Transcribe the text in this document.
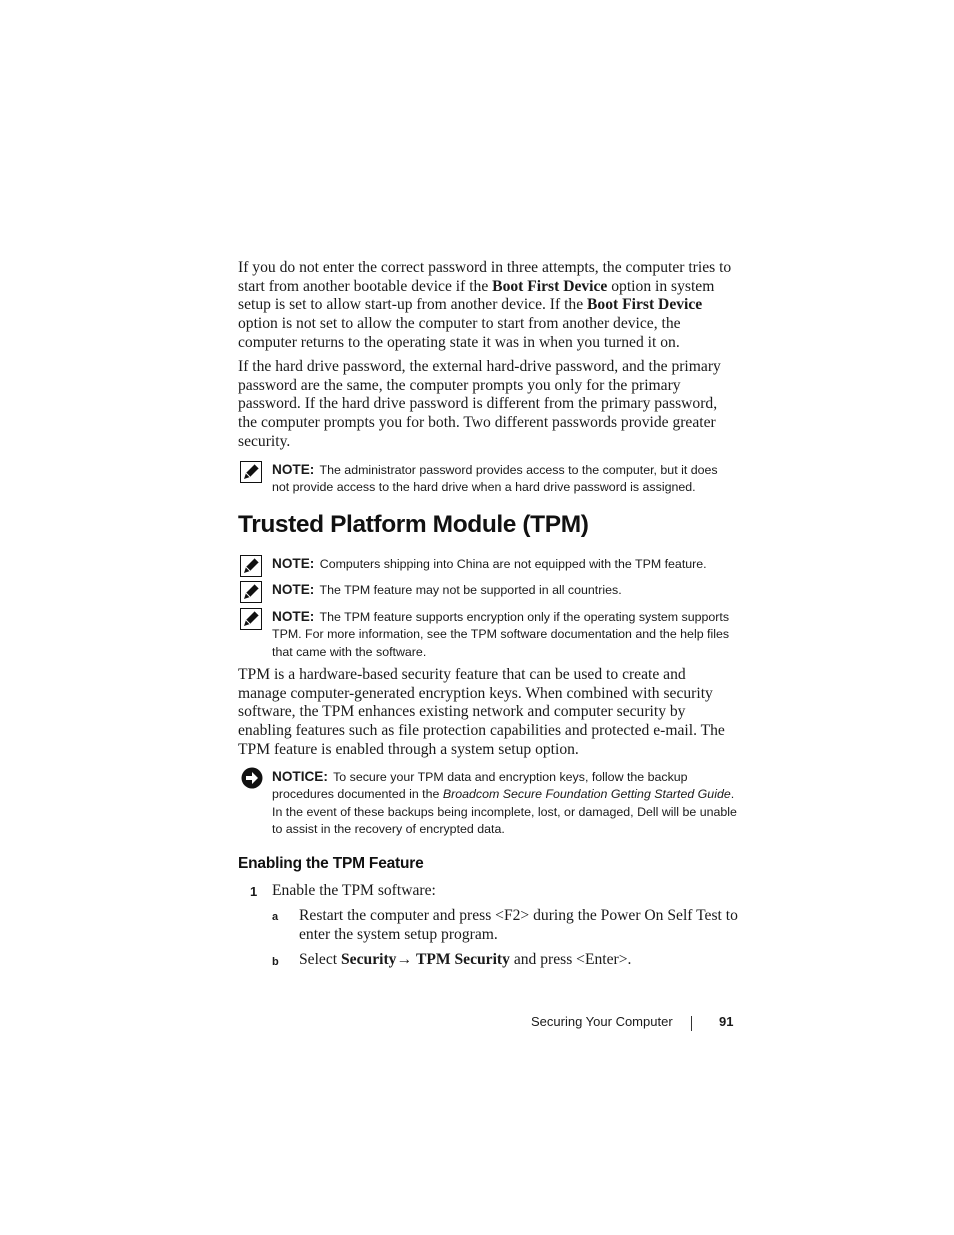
If you do not enter the correct password in three attempts, the computer tries to start from another bootable device if the Boot First Device option in system setup is set to allow start-up from another device. If the Boot First Device option is not set to allow the computer to start from another device, the computer returns to the operating state it was in when you turned it on.
If the hard drive password, the external hard-drive password, and the primary password are the same, the computer prompts you only for the primary password. If the hard drive password is different from the primary password, the computer prompts you for both. Two different passwords provide greater security.
NOTE: The administrator password provides access to the computer, but it does not provide access to the hard drive when a hard drive password is assigned.
Trusted Platform Module (TPM)
NOTE: Computers shipping into China are not equipped with the TPM feature.
NOTE: The TPM feature may not be supported in all countries.
NOTE: The TPM feature supports encryption only if the operating system supports TPM. For more information, see the TPM software documentation and the help files that came with the software.
TPM is a hardware-based security feature that can be used to create and manage computer-generated encryption keys. When combined with security software, the TPM enhances existing network and computer security by enabling features such as file protection capabilities and protected e-mail. The TPM feature is enabled through a system setup option.
NOTICE: To secure your TPM data and encryption keys, follow the backup procedures documented in the Broadcom Secure Foundation Getting Started Guide. In the event of these backups being incomplete, lost, or damaged, Dell will be unable to assist in the recovery of encrypted data.
Enabling the TPM Feature
1 Enable the TPM software:
a Restart the computer and press <F2> during the Power On Self Test to enter the system setup program.
b Select Security→ TPM Security and press <Enter>.
Securing Your Computer	91
